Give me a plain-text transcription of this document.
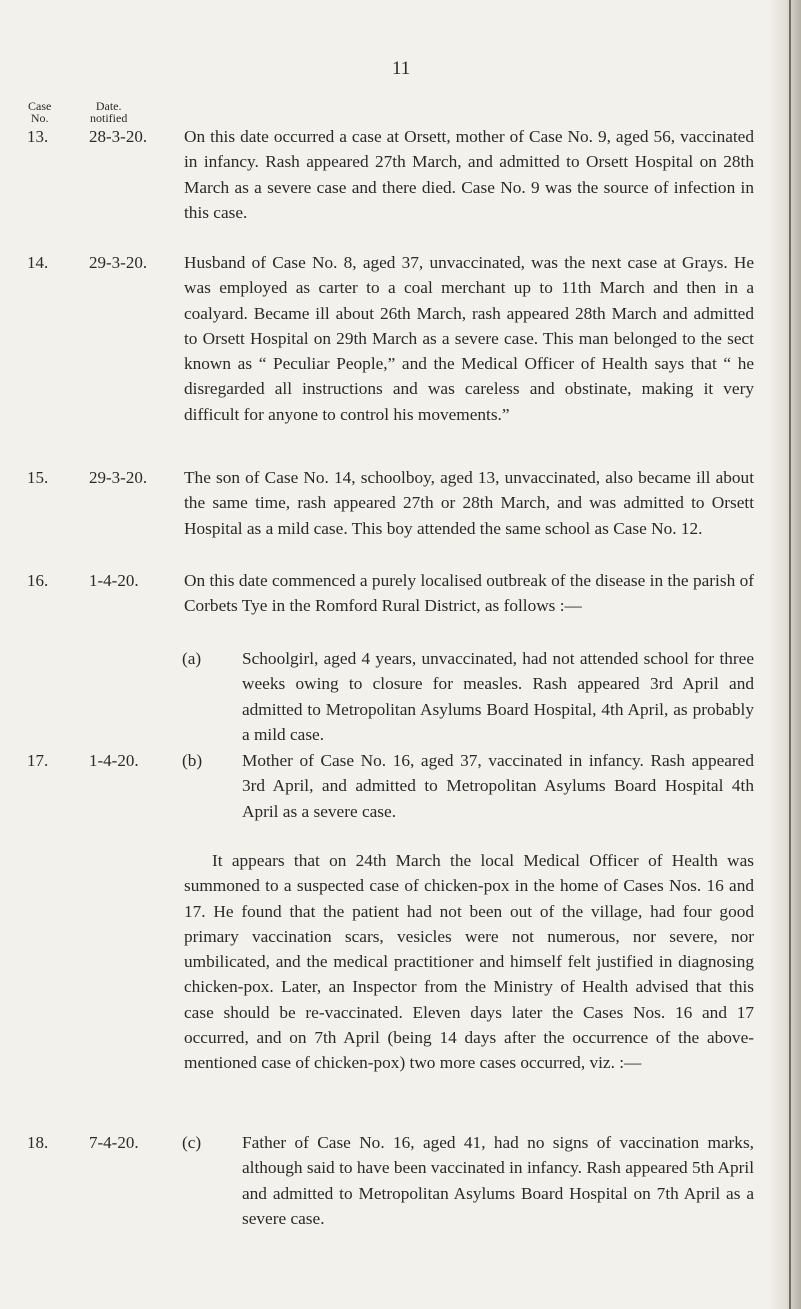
11
Case
No.
Date.
notified
13. 28-3-20. On this date occurred a case at Orsett, mother of Case No. 9, aged 56, vaccinated in infancy. Rash appeared 27th March, and admitted to Orsett Hospital on 28th March as a severe case and there died. Case No. 9 was the source of infection in this case.
14. 29-3-20. Husband of Case No. 8, aged 37, unvaccinated, was the next case at Grays. He was employed as carter to a coal merchant up to 11th March and then in a coalyard. Became ill about 26th March, rash appeared 28th March and admitted to Orsett Hospital on 29th March as a severe case. This man belonged to the sect known as “ Peculiar People,” and the Medical Officer of Health says that “ he disregarded all instructions and was careless and obstinate, making it very difficult for anyone to control his movements.”
15. 29-3-20. The son of Case No. 14, schoolboy, aged 13, unvaccinated, also became ill about the same time, rash appeared 27th or 28th March, and was admitted to Orsett Hospital as a mild case. This boy attended the same school as Case No. 12.
16. 1-4-20.	On this date commenced a purely localised outbreak of the disease in the parish of Corbets Tye in the Romford Rural District, as follows :—
(a) Schoolgirl, aged 4 years, unvaccinated, had not attended school for three weeks owing to closure for measles. Rash appeared 3rd April and admitted to Metropolitan Asylums Board Hospital, 4th April, as probably a mild case.
17. 1-4-20.	(b) Mother of Case No. 16, aged 37, vaccinated in infancy. Rash appeared 3rd April, and admitted to Metropolitan Asylums Board Hospital 4th April as a severe case.
It appears that on 24th March the local Medical Officer of Health was summoned to a suspected case of chicken-pox in the home of Cases Nos. 16 and 17. He found that the patient had not been out of the village, had four good primary vaccination scars, vesicles were not numerous, nor severe, nor umbilicated, and the medical practitioner and himself felt justified in diagnosing chicken-pox. Later, an Inspector from the Ministry of Health advised that this case should be re-vaccinated. Eleven days later the Cases Nos. 16 and 17 occurred, and on 7th April (being 14 days after the occurrence of the above-mentioned case of chicken-pox) two more cases occurred, viz. :—
18. 7-4-20.	(c) Father of Case No. 16, aged 41, had no signs of vaccination marks, although said to have been vaccinated in infancy. Rash appeared 5th April and admitted to Metropolitan Asylums Board Hospital on 7th April as a severe case.
